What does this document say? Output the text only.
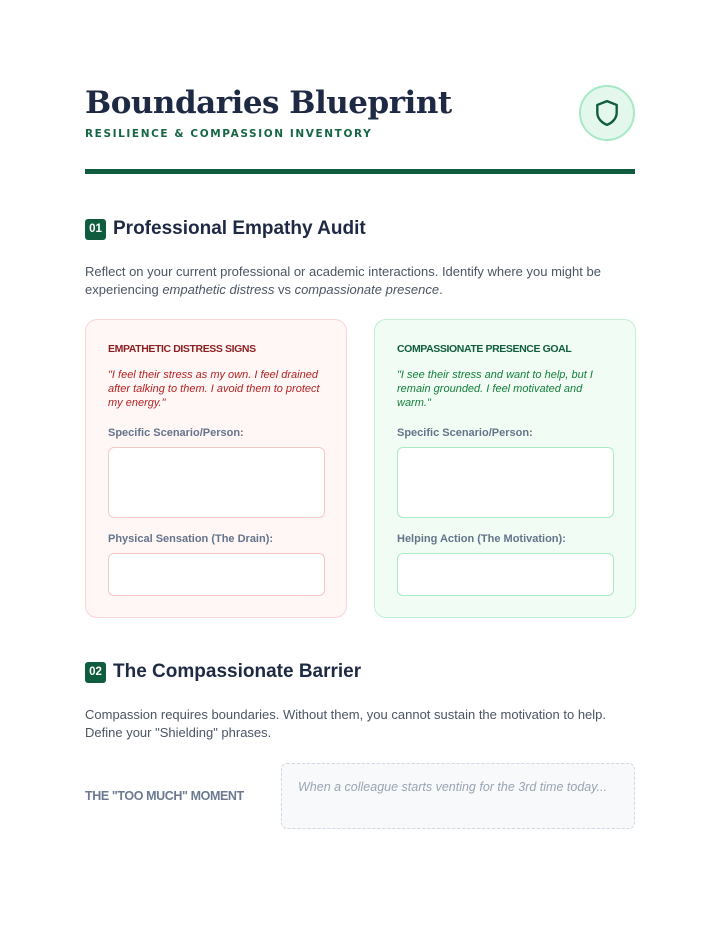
Boundaries Blueprint
RESILIENCE & COMPASSION INVENTORY
01 Professional Empathy Audit
Reflect on your current professional or academic interactions. Identify where you might be experiencing empathetic distress vs compassionate presence.
EMPATHETIC DISTRESS SIGNS
"I feel their stress as my own. I feel drained after talking to them. I avoid them to protect my energy."
Specific Scenario/Person:
Physical Sensation (The Drain):
COMPASSIONATE PRESENCE GOAL
"I see their stress and want to help, but I remain grounded. I feel motivated and warm."
Specific Scenario/Person:
Helping Action (The Motivation):
02 The Compassionate Barrier
Compassion requires boundaries. Without them, you cannot sustain the motivation to help. Define your "Shielding" phrases.
THE "TOO MUCH" MOMENT
When a colleague starts venting for the 3rd time today...
